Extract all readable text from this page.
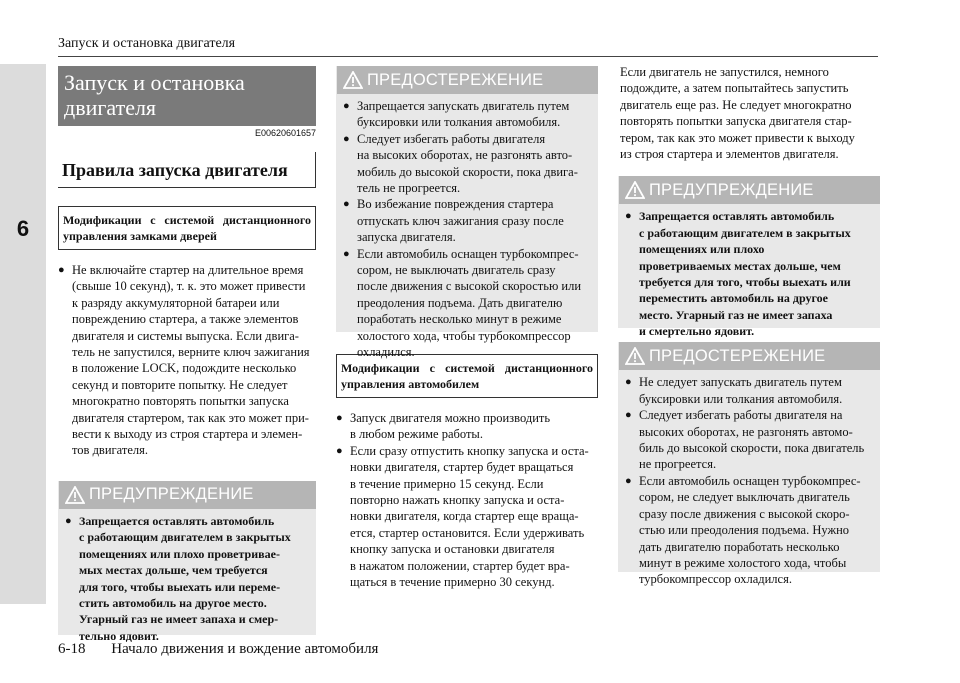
Запуск и остановка двигателя
6
Запуск и остановка
двигателя
E00620601657
Правила запуска двигателя
Модификации с системой дистанционного управления замками дверей
● Не включайте стартер на длительное время
(свыше 10 секунд), т. к. это может привести
к разряду аккумуляторной батареи или
повреждению стартера, а также элементов
двигателя и системы выпуска. Если двига-
тель не запустился, верните ключ зажигания
в положение LOCK, подождите несколько
секунд и повторите попытку. Не следует
многократно повторять попытки запуска
двигателя стартером, так как это может при-
вести к выходу из строя стартера и элемен-
тов двигателя.
ПРЕДУПРЕЖДЕНИЕ
● Запрещается оставлять автомобиль
с работающим двигателем в закрытых
помещениях или плохо проветривае-
мых местах дольше, чем требуется
для того, чтобы выехать или переме-
стить автомобиль на другое место.
Угарный газ не имеет запаха и смер-
тельно ядовит.
ПРЕДОСТЕРЕЖЕНИЕ
● Запрещается запускать двигатель путем
буксировки или толкания автомобиля.
● Следует избегать работы двигателя
на высоких оборотах, не разгонять авто-
мобиль до высокой скорости, пока двига-
тель не прогреется.
● Во избежание повреждения стартера
отпускать ключ зажигания сразу после
запуска двигателя.
● Если автомобиль оснащен турбокомпрес-
сором, не выключать двигатель сразу
после движения с высокой скоростью или
преодоления подъема. Дать двигателю
поработать несколько минут в режиме
холостого хода, чтобы турбокомпрессор
охладился.
Модификации с системой дистанционного управления автомобилем
● Запуск двигателя можно производить
в любом режиме работы.
● Если сразу отпустить кнопку запуска и оста-
новки двигателя, стартер будет вращаться
в течение примерно 15 секунд. Если
повторно нажать кнопку запуска и оста-
новки двигателя, когда стартер еще враща-
ется, стартер остановится. Если удерживать
кнопку запуска и остановки двигателя
в нажатом положении, стартер будет вра-
щаться в течение примерно 30 секунд.
Если двигатель не запустился, немного
подождите, а затем попытайтесь запустить
двигатель еще раз. Не следует многократно
повторять попытки запуска двигателя стар-
тером, так как это может привести к выходу
из строя стартера и элементов двигателя.
ПРЕДУПРЕЖДЕНИЕ
● Запрещается оставлять автомобиль
с работающим двигателем в закрытых
помещениях или плохо
проветриваемых местах дольше, чем
требуется для того, чтобы выехать или
переместить автомобиль на другое
место. Угарный газ не имеет запаха
и смертельно ядовит.
ПРЕДОСТЕРЕЖЕНИЕ
● Не следует запускать двигатель путем
буксировки или толкания автомобиля.
● Следует избегать работы двигателя на
высоких оборотах, не разгонять автомо-
биль до высокой скорости, пока двигатель
не прогреется.
● Если автомобиль оснащен турбокомпрес-
сором, не следует выключать двигатель
сразу после движения с высокой скоро-
стью или преодоления подъема. Нужно
дать двигателю поработать несколько
минут в режиме холостого хода, чтобы
турбокомпрессор охладился.
6-18 Начало движения и вождение автомобиля
